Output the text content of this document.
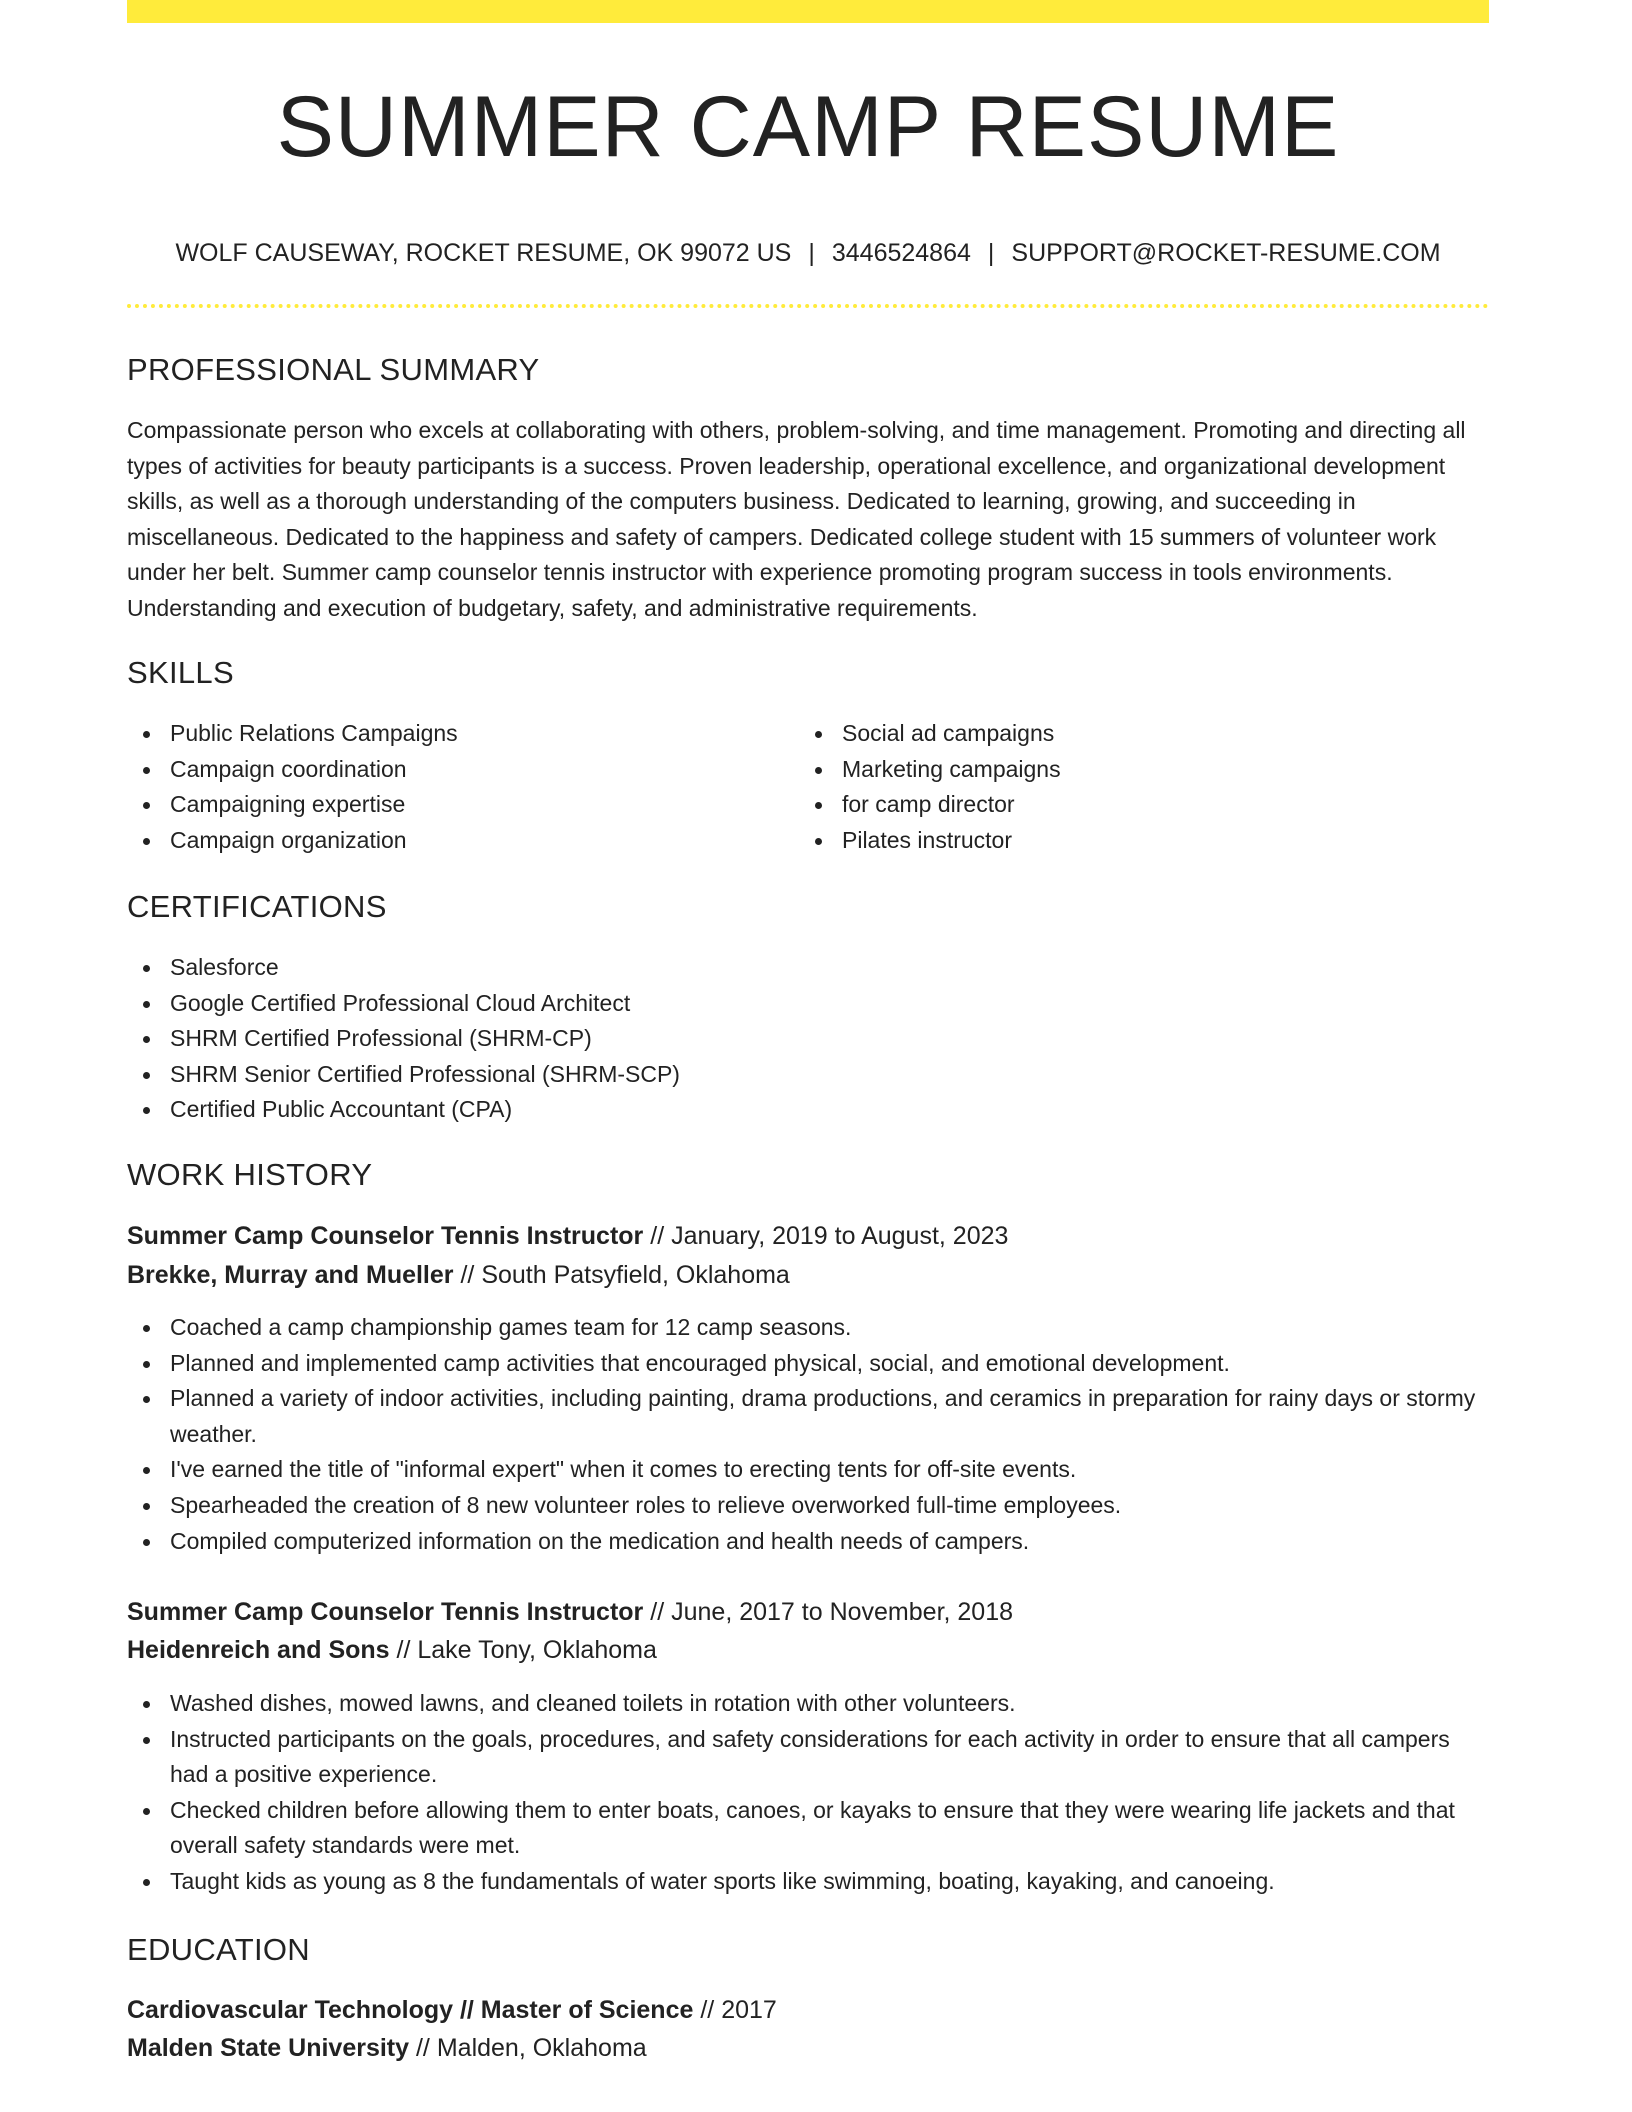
SUMMER CAMP RESUME
WOLF CAUSEWAY, ROCKET RESUME, OK 99072 US | 3446524864 | SUPPORT@ROCKET-RESUME.COM
PROFESSIONAL SUMMARY
Compassionate person who excels at collaborating with others, problem-solving, and time management. Promoting and directing all types of activities for beauty participants is a success. Proven leadership, operational excellence, and organizational development skills, as well as a thorough understanding of the computers business. Dedicated to learning, growing, and succeeding in miscellaneous. Dedicated to the happiness and safety of campers. Dedicated college student with 15 summers of volunteer work under her belt. Summer camp counselor tennis instructor with experience promoting program success in tools environments. Understanding and execution of budgetary, safety, and administrative requirements.
SKILLS
Public Relations Campaigns
Campaign coordination
Campaigning expertise
Campaign organization
Social ad campaigns
Marketing campaigns
for camp director
Pilates instructor
CERTIFICATIONS
Salesforce
Google Certified Professional Cloud Architect
SHRM Certified Professional (SHRM-CP)
SHRM Senior Certified Professional (SHRM-SCP)
Certified Public Accountant (CPA)
WORK HISTORY
Summer Camp Counselor Tennis Instructor // January, 2019 to August, 2023
Brekke, Murray and Mueller // South Patsyfield, Oklahoma
Coached a camp championship games team for 12 camp seasons.
Planned and implemented camp activities that encouraged physical, social, and emotional development.
Planned a variety of indoor activities, including painting, drama productions, and ceramics in preparation for rainy days or stormy weather.
I've earned the title of "informal expert" when it comes to erecting tents for off-site events.
Spearheaded the creation of 8 new volunteer roles to relieve overworked full-time employees.
Compiled computerized information on the medication and health needs of campers.
Summer Camp Counselor Tennis Instructor // June, 2017 to November, 2018
Heidenreich and Sons // Lake Tony, Oklahoma
Washed dishes, mowed lawns, and cleaned toilets in rotation with other volunteers.
Instructed participants on the goals, procedures, and safety considerations for each activity in order to ensure that all campers had a positive experience.
Checked children before allowing them to enter boats, canoes, or kayaks to ensure that they were wearing life jackets and that overall safety standards were met.
Taught kids as young as 8 the fundamentals of water sports like swimming, boating, kayaking, and canoeing.
EDUCATION
Cardiovascular Technology // Master of Science // 2017
Malden State University // Malden, Oklahoma
